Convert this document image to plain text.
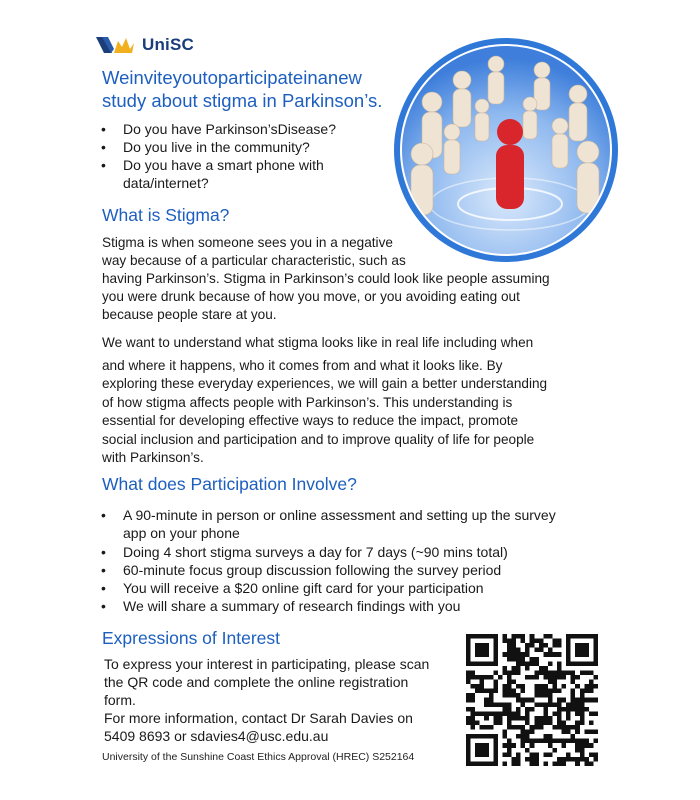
UniSC
Weinviteyoutoparticipateinanew
study about stigma in Parkinson’s.
• Do you have Parkinson’sDisease?
• Do you live in the community?
• Do you have a smart phone with
data/internet?
What is Stigma?

Stigma is when someone sees you in a negative
way because of a particular characteristic, such as
having Parkinson’s. Stigma in Parkinson’s could look like people assuming
you were drunk because of how you move, or you avoiding eating out
because people stare at you.

We want to understand what stigma looks like in real life including when
and where it happens, who it comes from and what it looks like. By
exploring these everyday experiences, we will gain a better understanding
of how stigma affects people with Parkinson’s. This understanding is
essential for developing effective ways to reduce the impact, promote
social inclusion and participation and to improve quality of life for people
with Parkinson’s.

What does Participation Involve?
• A 90-minute in person or online assessment and setting up the survey
app on your phone
• Doing 4 short stigma surveys a day for 7 days (~90 mins total)
• 60-minute focus group discussion following the survey period
• You will receive a $20 online gift card for your participation
• We will share a summary of research findings with you
Expressions of Interest

To express your interest in participating, please scan
the QR code and complete the online registration
form.
For more information, contact Dr Sarah Davies on
5409 8693 or sdavies4@usc.edu.au

University of the Sunshine Coast Ethics Approval (HREC) S252164
